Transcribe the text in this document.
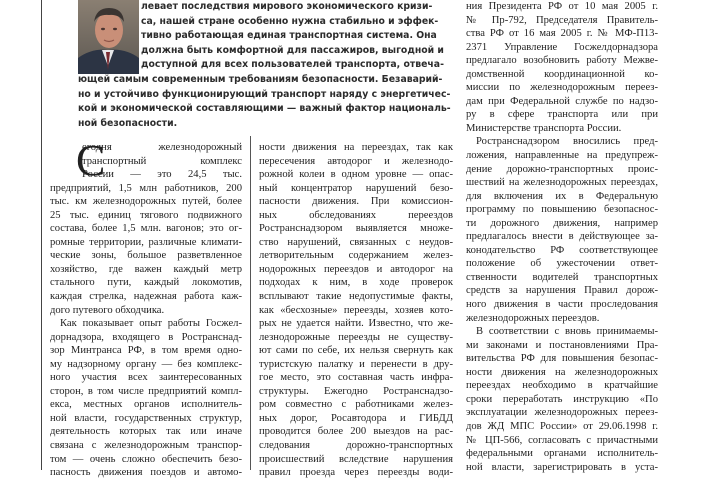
левает последствия мирового экономического кризи-
са, нашей стране особенно нужна стабильно и эффек-
тивно работающая единая транспортная система. Она
должна быть комфортной для пассажиров, выгодной и
доступной для всех пользователей транспорта, отвеча-
ющей самым современным требованиям безопасности. Безаварий-
но и устойчиво функционирующий транспорт наряду с энергетичес-
кой и экономической составляющими — важный фактор националь-
ной безопасности.
С
егодня железнодорожный
транспортный комплекс
России — это 24,5 тыс.
предприятий, 1,5 млн работников, 200
тыс. км железнодорожных путей, более
25 тыс. единиц тягового подвижного
состава, более 1,5 млн. вагонов; это ог-
ромные территории, различные климати-
ческие зоны, большое разветвленное
хозяйство, где важен каждый метр
стального пути, каждый локомотив,
каждая стрелка, надежная работа каж-
дого путевого обходчика.
Как показывает опыт работы Госжел-
дорнадзора, входящего в Ространснад-
зор Минтранса РФ, в том время одно-
му надзорному органу — без комплекс-
ного участия всех заинтересованных
сторон, в том числе предприятий компл-
екса, местных органов исполнитель-
ной власти, государственных структур,
деятельность которых так или иначе
связана с железнодорожным транспор-
том — очень сложно обеспечить безо-
пасность движения поездов и автомо-
ности движения на переездах, так как
пересечения автодорог и железнодо-
рожной колеи в одном уровне — опас-
ный концентратор нарушений безо-
пасности движения. При комиссион-
ных обследованиях переездов
Ространснадзором выявляется множе-
ство нарушений, связанных с неудов-
летворительным содержанием желез-
нодорожных переездов и автодорог на
подходах к ним, в ходе проверок
всплывают такие недопустимые факты,
как «бесхозные» переезды, хозяев кото-
рых не удается найти. Известно, что же-
лезнодорожные переезды не существу-
ют сами по себе, их нельзя свернуть как
туристскую палатку и перенести в дру-
гое место, это составная часть инфра-
структуры. Ежегодно Ространснадзо-
ром совместно с работниками желез-
ных дорог, Росавтодора и ГИБДД
проводится более 200 выездов на рас-
следования дорожно-транспортных
происшествий вследствие нарушения
правил проезда через переезды води-
ния Президента РФ от 10 мая 2005 г.
№ Пр-792, Председателя Правитель-
ства РФ от 16 мая 2005 г. № МФ-П13-
2371 Управление Госжелдорнадзора
предлагало возобновить работу Межве-
домственной координационной ко-
миссии по железнодорожным переез-
дам при Федеральной службе по надзо-
ру в сфере транспорта или при
Министерстве транспорта России.
Ространснадзором вносились пред-
ложения, направленные на предупреж-
дение дорожно-транспортных проис-
шествий на железнодорожных переездах,
для включения их в Федеральную
программу по повышению безопаснос-
ти дорожного движения, например
предлагалось внести в действующее за-
конодательство РФ соответствующее
положение об ужесточении ответ-
ственности водителей транспортных
средств за нарушения Правил дорож-
ного движения в части проследования
железнодорожных переездов.
В соответствии с вновь принимаемы-
ми законами и постановлениями Пра-
вительства РФ для повышения безопас-
ности движения на железнодорожных
переездах необходимо в кратчайшие
сроки переработать инструкцию «По
эксплуатации железнодорожных переез-
дов ЖД МПС России» от 29.06.1998 г.
№ ЦП-566, согласовать с причастными
федеральными органами исполнитель-
ной власти, зарегистрировать в уста-
